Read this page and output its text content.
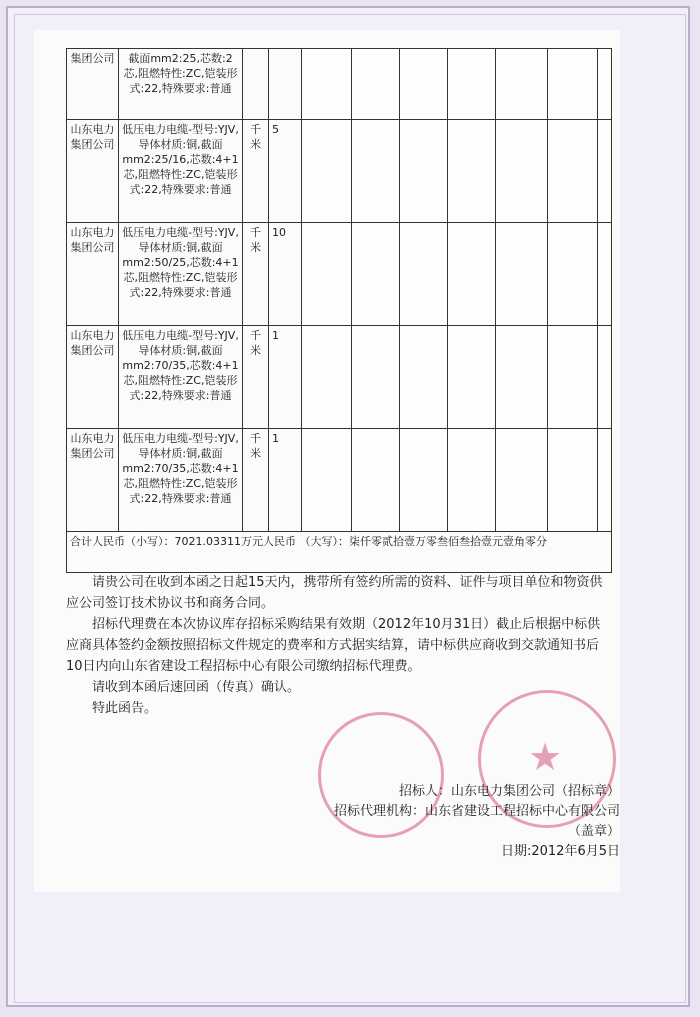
集团公司	截面mm2:25,芯数:2芯,阻燃特性:ZC,铠装形式:22,特殊要求:普通									
山东电力集团公司	低压电力电缆-型号:YJV,导体材质:铜,截面mm2:25/16,芯数:4+1芯,阻燃特性:ZC,铠装形式:22,特殊要求:普通	千米	5							
山东电力集团公司	低压电力电缆-型号:YJV,导体材质:铜,截面mm2:50/25,芯数:4+1芯,阻燃特性:ZC,铠装形式:22,特殊要求:普通	千米	10							
山东电力集团公司	低压电力电缆-型号:YJV,导体材质:铜,截面mm2:70/35,芯数:4+1芯,阻燃特性:ZC,铠装形式:22,特殊要求:普通	千米	1							
山东电力集团公司	低压电力电缆-型号:YJV,导体材质:铜,截面mm2:70/35,芯数:4+1芯,阻燃特性:ZC,铠装形式:22,特殊要求:普通	千米	1							
合计人民币（小写）：7021.03311万元人民币 （大写）：柒仟零贰拾壹万零叁佰叁拾壹元壹角零分										

请贵公司在收到本函之日起15天内，携带所有签约所需的资料、证件与项目单位和物资供应公司签订技术协议书和商务合同。

招标代理费在本次协议库存招标采购结果有效期（2012年10月31日）截止后根据中标供应商具体签约金额按照招标文件规定的费率和方式据实结算，请中标供应商收到交款通知书后10日内向山东省建设工程招标中心有限公司缴纳招标代理费。

请收到本函后速回函（传真）确认。

特此函告。

★
招标人：山东电力集团公司（招标章）
招标代理机构：山东省建设工程招标中心有限公司
（盖章）
日期:2012年6月5日
